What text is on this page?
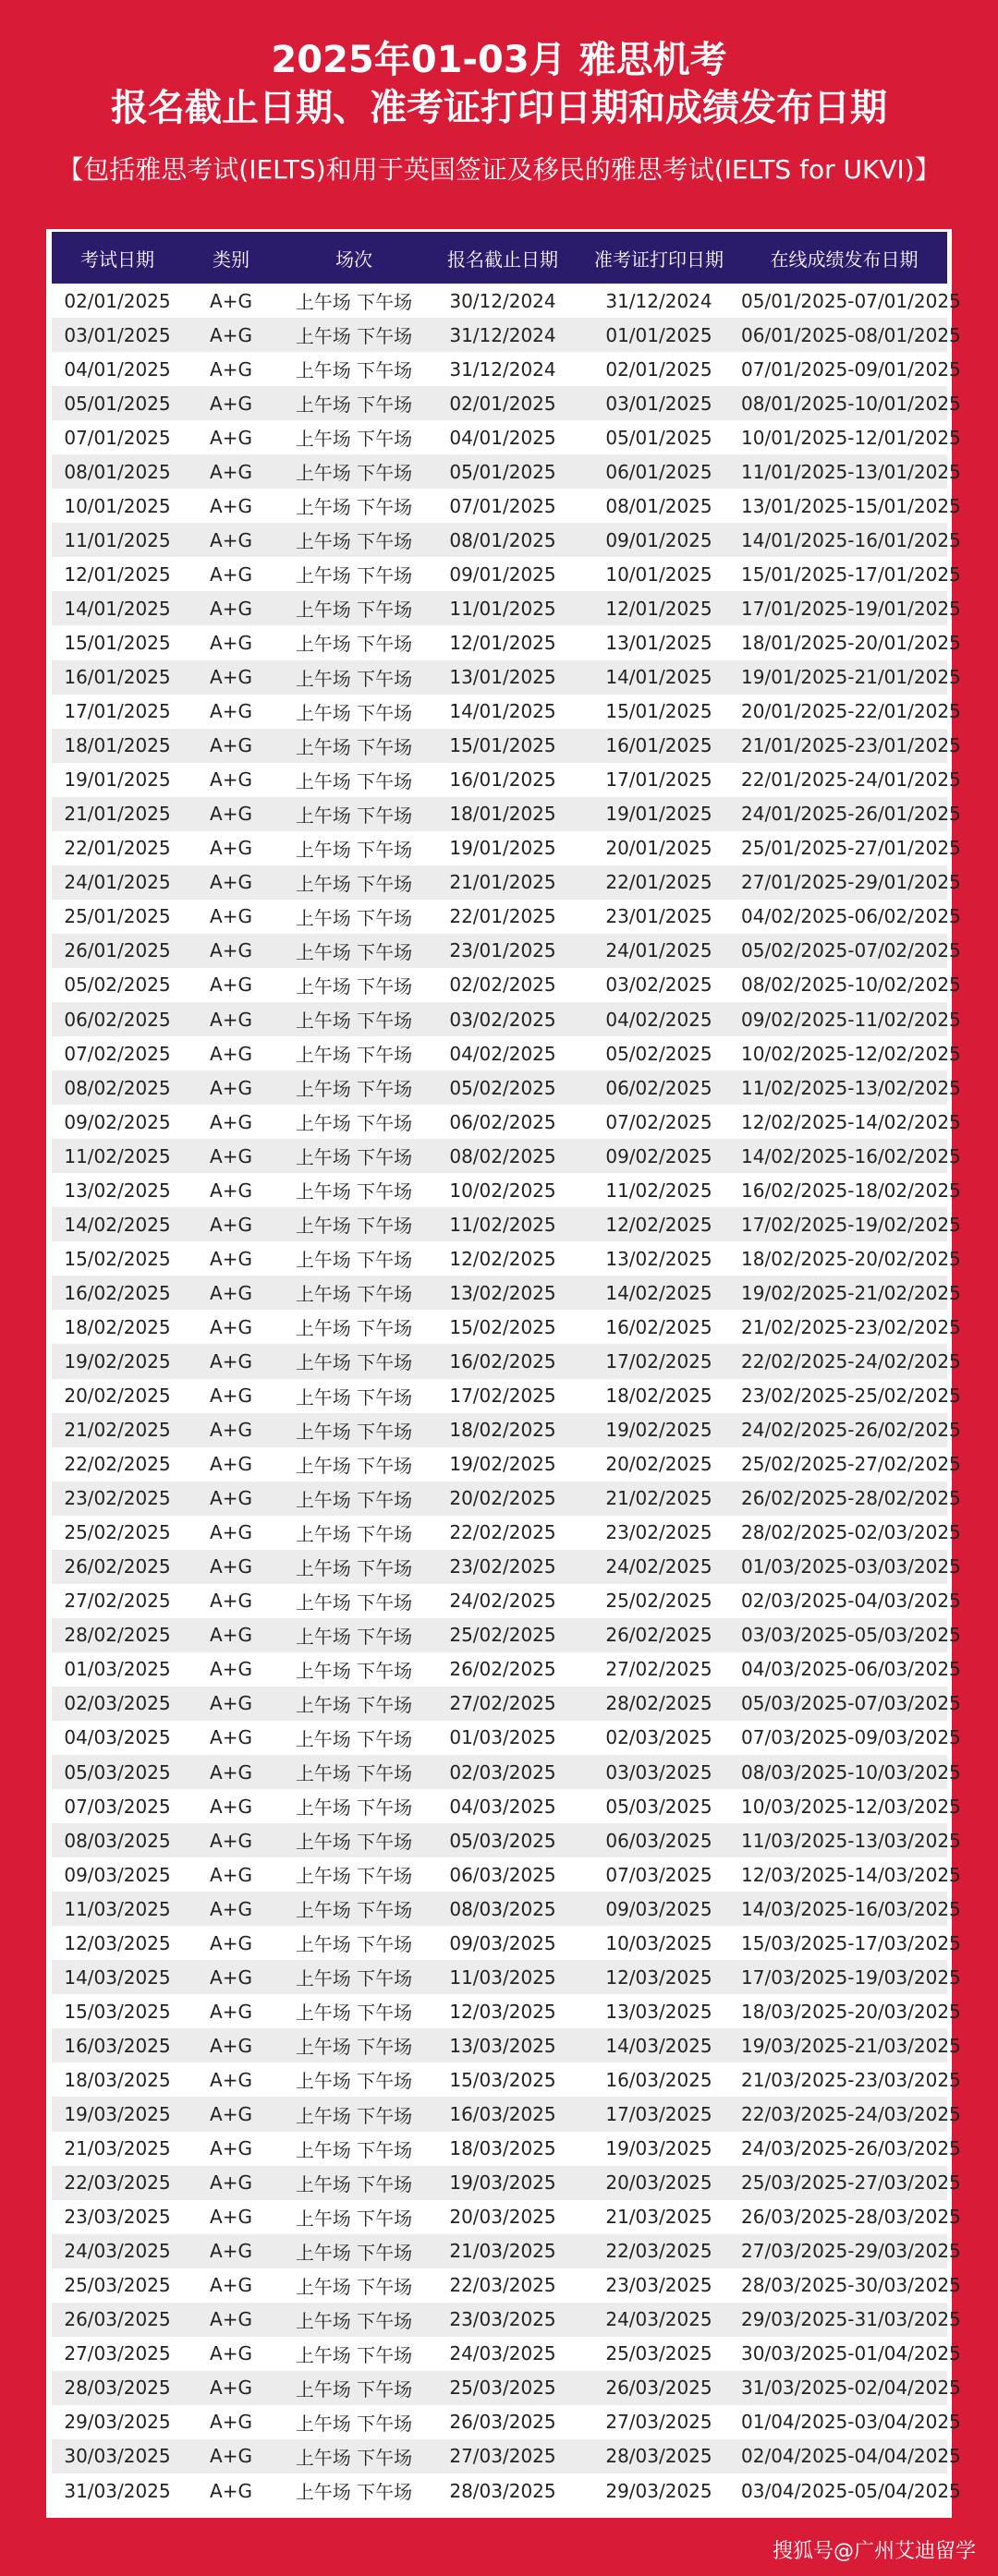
2025年01-03月 雅思机考
报名截止日期、准考证打印日期和成绩发布日期
【包括雅思考试(IELTS)和用于英国签证及移民的雅思考试(IELTS for UKVI)】
考试日期	类别	场次	报名截止日期	准考证打印日期	在线成绩发布日期
02/01/2025	A+G	上午场 下午场	30/12/2024	31/12/2024	05/01/2025-07/01/2025
03/01/2025	A+G	上午场 下午场	31/12/2024	01/01/2025	06/01/2025-08/01/2025
04/01/2025	A+G	上午场 下午场	31/12/2024	02/01/2025	07/01/2025-09/01/2025
05/01/2025	A+G	上午场 下午场	02/01/2025	03/01/2025	08/01/2025-10/01/2025
07/01/2025	A+G	上午场 下午场	04/01/2025	05/01/2025	10/01/2025-12/01/2025
08/01/2025	A+G	上午场 下午场	05/01/2025	06/01/2025	11/01/2025-13/01/2025
10/01/2025	A+G	上午场 下午场	07/01/2025	08/01/2025	13/01/2025-15/01/2025
11/01/2025	A+G	上午场 下午场	08/01/2025	09/01/2025	14/01/2025-16/01/2025
12/01/2025	A+G	上午场 下午场	09/01/2025	10/01/2025	15/01/2025-17/01/2025
14/01/2025	A+G	上午场 下午场	11/01/2025	12/01/2025	17/01/2025-19/01/2025
15/01/2025	A+G	上午场 下午场	12/01/2025	13/01/2025	18/01/2025-20/01/2025
16/01/2025	A+G	上午场 下午场	13/01/2025	14/01/2025	19/01/2025-21/01/2025
17/01/2025	A+G	上午场 下午场	14/01/2025	15/01/2025	20/01/2025-22/01/2025
18/01/2025	A+G	上午场 下午场	15/01/2025	16/01/2025	21/01/2025-23/01/2025
19/01/2025	A+G	上午场 下午场	16/01/2025	17/01/2025	22/01/2025-24/01/2025
21/01/2025	A+G	上午场 下午场	18/01/2025	19/01/2025	24/01/2025-26/01/2025
22/01/2025	A+G	上午场 下午场	19/01/2025	20/01/2025	25/01/2025-27/01/2025
24/01/2025	A+G	上午场 下午场	21/01/2025	22/01/2025	27/01/2025-29/01/2025
25/01/2025	A+G	上午场 下午场	22/01/2025	23/01/2025	04/02/2025-06/02/2025
26/01/2025	A+G	上午场 下午场	23/01/2025	24/01/2025	05/02/2025-07/02/2025
05/02/2025	A+G	上午场 下午场	02/02/2025	03/02/2025	08/02/2025-10/02/2025
06/02/2025	A+G	上午场 下午场	03/02/2025	04/02/2025	09/02/2025-11/02/2025
07/02/2025	A+G	上午场 下午场	04/02/2025	05/02/2025	10/02/2025-12/02/2025
08/02/2025	A+G	上午场 下午场	05/02/2025	06/02/2025	11/02/2025-13/02/2025
09/02/2025	A+G	上午场 下午场	06/02/2025	07/02/2025	12/02/2025-14/02/2025
11/02/2025	A+G	上午场 下午场	08/02/2025	09/02/2025	14/02/2025-16/02/2025
13/02/2025	A+G	上午场 下午场	10/02/2025	11/02/2025	16/02/2025-18/02/2025
14/02/2025	A+G	上午场 下午场	11/02/2025	12/02/2025	17/02/2025-19/02/2025
15/02/2025	A+G	上午场 下午场	12/02/2025	13/02/2025	18/02/2025-20/02/2025
16/02/2025	A+G	上午场 下午场	13/02/2025	14/02/2025	19/02/2025-21/02/2025
18/02/2025	A+G	上午场 下午场	15/02/2025	16/02/2025	21/02/2025-23/02/2025
19/02/2025	A+G	上午场 下午场	16/02/2025	17/02/2025	22/02/2025-24/02/2025
20/02/2025	A+G	上午场 下午场	17/02/2025	18/02/2025	23/02/2025-25/02/2025
21/02/2025	A+G	上午场 下午场	18/02/2025	19/02/2025	24/02/2025-26/02/2025
22/02/2025	A+G	上午场 下午场	19/02/2025	20/02/2025	25/02/2025-27/02/2025
23/02/2025	A+G	上午场 下午场	20/02/2025	21/02/2025	26/02/2025-28/02/2025
25/02/2025	A+G	上午场 下午场	22/02/2025	23/02/2025	28/02/2025-02/03/2025
26/02/2025	A+G	上午场 下午场	23/02/2025	24/02/2025	01/03/2025-03/03/2025
27/02/2025	A+G	上午场 下午场	24/02/2025	25/02/2025	02/03/2025-04/03/2025
28/02/2025	A+G	上午场 下午场	25/02/2025	26/02/2025	03/03/2025-05/03/2025
01/03/2025	A+G	上午场 下午场	26/02/2025	27/02/2025	04/03/2025-06/03/2025
02/03/2025	A+G	上午场 下午场	27/02/2025	28/02/2025	05/03/2025-07/03/2025
04/03/2025	A+G	上午场 下午场	01/03/2025	02/03/2025	07/03/2025-09/03/2025
05/03/2025	A+G	上午场 下午场	02/03/2025	03/03/2025	08/03/2025-10/03/2025
07/03/2025	A+G	上午场 下午场	04/03/2025	05/03/2025	10/03/2025-12/03/2025
08/03/2025	A+G	上午场 下午场	05/03/2025	06/03/2025	11/03/2025-13/03/2025
09/03/2025	A+G	上午场 下午场	06/03/2025	07/03/2025	12/03/2025-14/03/2025
11/03/2025	A+G	上午场 下午场	08/03/2025	09/03/2025	14/03/2025-16/03/2025
12/03/2025	A+G	上午场 下午场	09/03/2025	10/03/2025	15/03/2025-17/03/2025
14/03/2025	A+G	上午场 下午场	11/03/2025	12/03/2025	17/03/2025-19/03/2025
15/03/2025	A+G	上午场 下午场	12/03/2025	13/03/2025	18/03/2025-20/03/2025
16/03/2025	A+G	上午场 下午场	13/03/2025	14/03/2025	19/03/2025-21/03/2025
18/03/2025	A+G	上午场 下午场	15/03/2025	16/03/2025	21/03/2025-23/03/2025
19/03/2025	A+G	上午场 下午场	16/03/2025	17/03/2025	22/03/2025-24/03/2025
21/03/2025	A+G	上午场 下午场	18/03/2025	19/03/2025	24/03/2025-26/03/2025
22/03/2025	A+G	上午场 下午场	19/03/2025	20/03/2025	25/03/2025-27/03/2025
23/03/2025	A+G	上午场 下午场	20/03/2025	21/03/2025	26/03/2025-28/03/2025
24/03/2025	A+G	上午场 下午场	21/03/2025	22/03/2025	27/03/2025-29/03/2025
25/03/2025	A+G	上午场 下午场	22/03/2025	23/03/2025	28/03/2025-30/03/2025
26/03/2025	A+G	上午场 下午场	23/03/2025	24/03/2025	29/03/2025-31/03/2025
27/03/2025	A+G	上午场 下午场	24/03/2025	25/03/2025	30/03/2025-01/04/2025
28/03/2025	A+G	上午场 下午场	25/03/2025	26/03/2025	31/03/2025-02/04/2025
29/03/2025	A+G	上午场 下午场	26/03/2025	27/03/2025	01/04/2025-03/04/2025
30/03/2025	A+G	上午场 下午场	27/03/2025	28/03/2025	02/04/2025-04/04/2025
31/03/2025	A+G	上午场 下午场	28/03/2025	29/03/2025	03/04/2025-05/04/2025
搜狐号@广州艾迪留学
